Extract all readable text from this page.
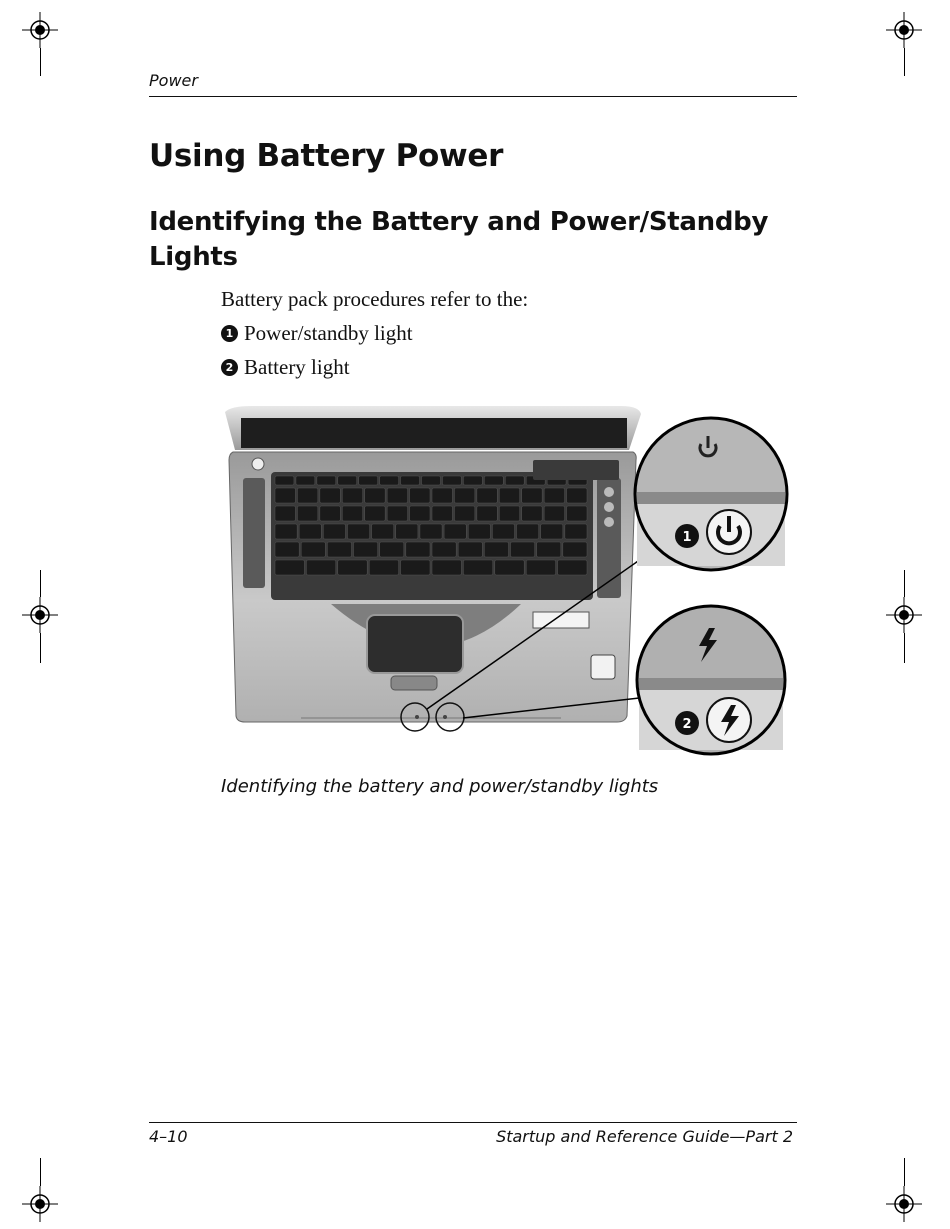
Power
Using Battery Power
Identifying the Battery and Power/Standby Lights
Battery pack procedures refer to the:
1 Power/standby light
2 Battery light
1
2
Identifying the battery and power/standby lights
4–10	Startup and Reference Guide—Part 2
